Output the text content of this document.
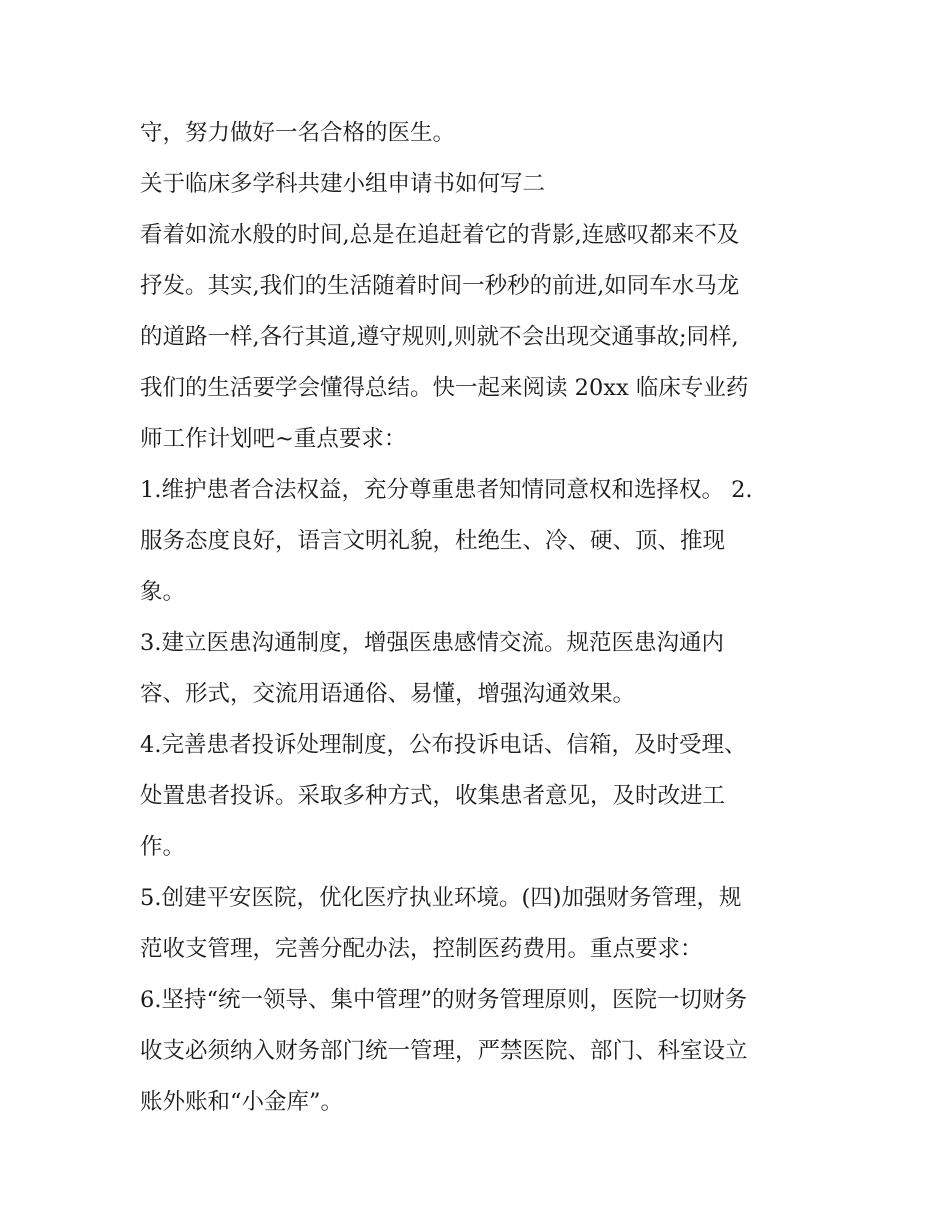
守，努力做好一名合格的医生。

关于临床多学科共建小组申请书如何写二

看着如流水般的时间,总是在追赶着它的背影,连感叹都来不及
抒发。其实,我们的生活随着时间一秒秒的前进,如同车水马龙
的道路一样,各行其道,遵守规则,则就不会出现交通事故;同样,
我们的生活要学会懂得总结。快一起来阅读 20xx 临床专业药
师工作计划吧~重点要求：

1.维护患者合法权益，充分尊重患者知情同意权和选择权。 2.
服务态度良好，语言文明礼貌，杜绝生、冷、硬、顶、推现
象。

3.建立医患沟通制度，增强医患感情交流。规范医患沟通内
容、形式，交流用语通俗、易懂，增强沟通效果。

4.完善患者投诉处理制度，公布投诉电话、信箱，及时受理、
处置患者投诉。采取多种方式，收集患者意见，及时改进工
作。

5.创建平安医院，优化医疗执业环境。(四)加强财务管理，规
范收支管理，完善分配办法，控制医药费用。重点要求：

6.坚持“统一领导、集中管理”的财务管理原则，医院一切财务
收支必须纳入财务部门统一管理，严禁医院、部门、科室设立
账外账和“小金库”。
